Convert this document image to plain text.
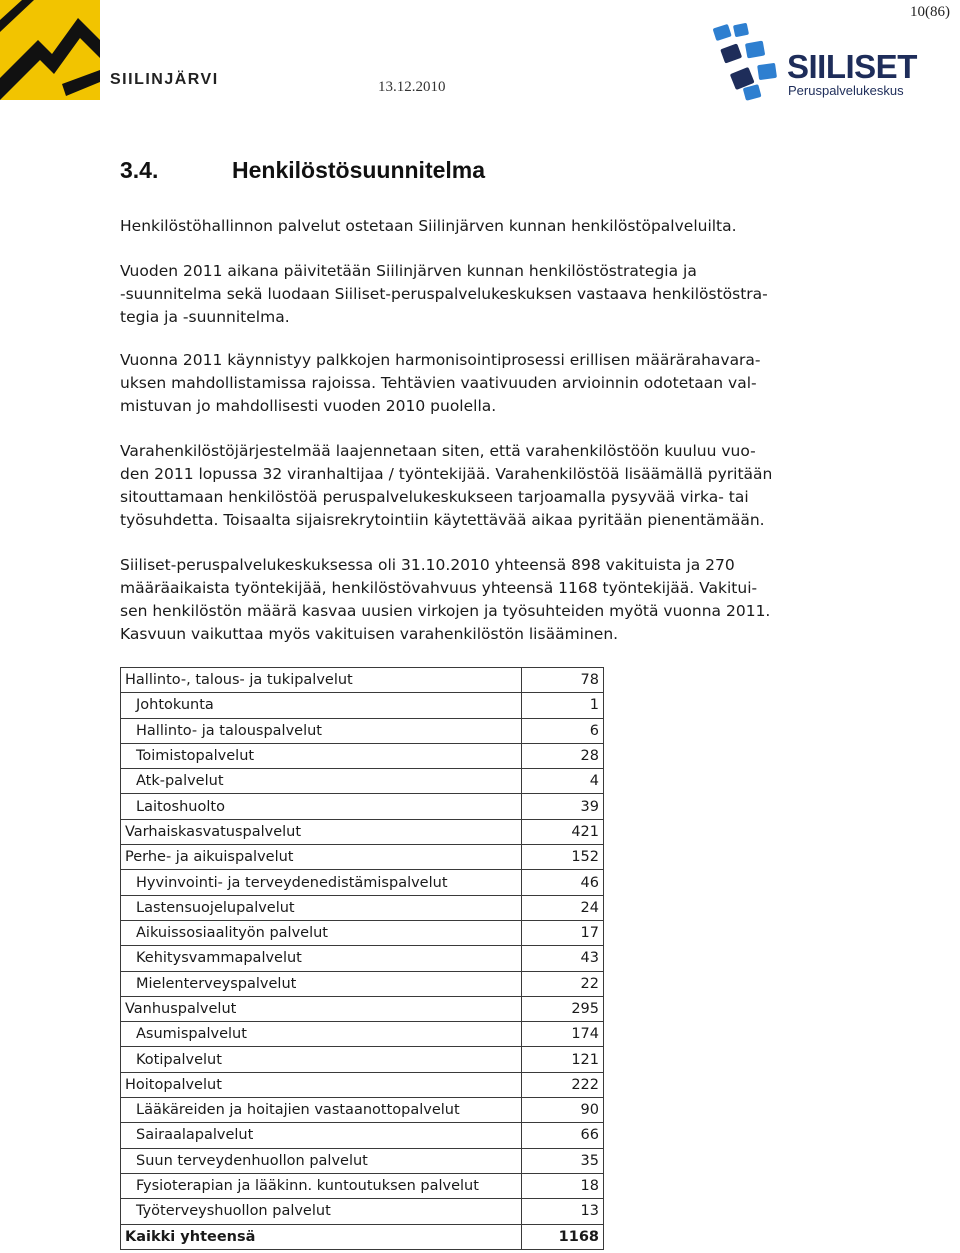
SIILINJÄRVI	13.12.2010
10(86)
SIILISET
Peruspalvelukeskus
3.4.	Henkilöstösuunnitelma
Henkilöstöhallinnon palvelut ostetaan Siilinjärven kunnan henkilöstöpalveluilta.
Vuoden 2011 aikana päivitetään Siilinjärven kunnan henkilöstöstrategia ja
-suunnitelma sekä luodaan Siiliset-peruspalvelukeskuksen vastaava henkilöstöstra-
tegia ja -suunnitelma.
Vuonna 2011 käynnistyy palkkojen harmonisointiprosessi erillisen määrärahavara-
uksen mahdollistamissa rajoissa. Tehtävien vaativuuden arvioinnin odotetaan val-
mistuvan jo mahdollisesti vuoden 2010 puolella.
Varahenkilöstöjärjestelmää laajennetaan siten, että varahenkilöstöön kuuluu vuo-
den 2011 lopussa 32 viranhaltijaa / työntekijää. Varahenkilöstöä lisäämällä pyritään
sitouttamaan henkilöstöä peruspalvelukeskukseen tarjoamalla pysyvää virka- tai
työsuhdetta. Toisaalta sijaisrekrytointiin käytettävää aikaa pyritään pienentämään.
Siiliset-peruspalvelukeskuksessa oli 31.10.2010 yhteensä 898 vakituista ja 270
määräaikaista työntekijää, henkilöstövahvuus yhteensä 1168 työntekijää. Vakitui-
sen henkilöstön määrä kasvaa uusien virkojen ja työsuhteiden myötä vuonna 2011.
Kasvuun vaikuttaa myös vakituisen varahenkilöstön lisääminen.
Hallinto-, talous- ja tukipalvelut	78
Johtokunta	1
Hallinto- ja talouspalvelut	6
Toimistopalvelut	28
Atk-palvelut	4
Laitoshuolto	39
Varhaiskasvatuspalvelut	421
Perhe- ja aikuispalvelut	152
Hyvinvointi- ja terveydenedistämispalvelut	46
Lastensuojelupalvelut	24
Aikuissosiaalityön palvelut	17
Kehitysvammapalvelut	43
Mielenterveyspalvelut	22
Vanhuspalvelut	295
Asumispalvelut	174
Kotipalvelut	121
Hoitopalvelut	222
Lääkäreiden ja hoitajien vastaanottopalvelut	90
Sairaalapalvelut	66
Suun terveydenhuollon palvelut	35
Fysioterapian ja lääkinn. kuntoutuksen palvelut	18
Työterveyshuollon palvelut	13
Kaikki yhteensä	1168
